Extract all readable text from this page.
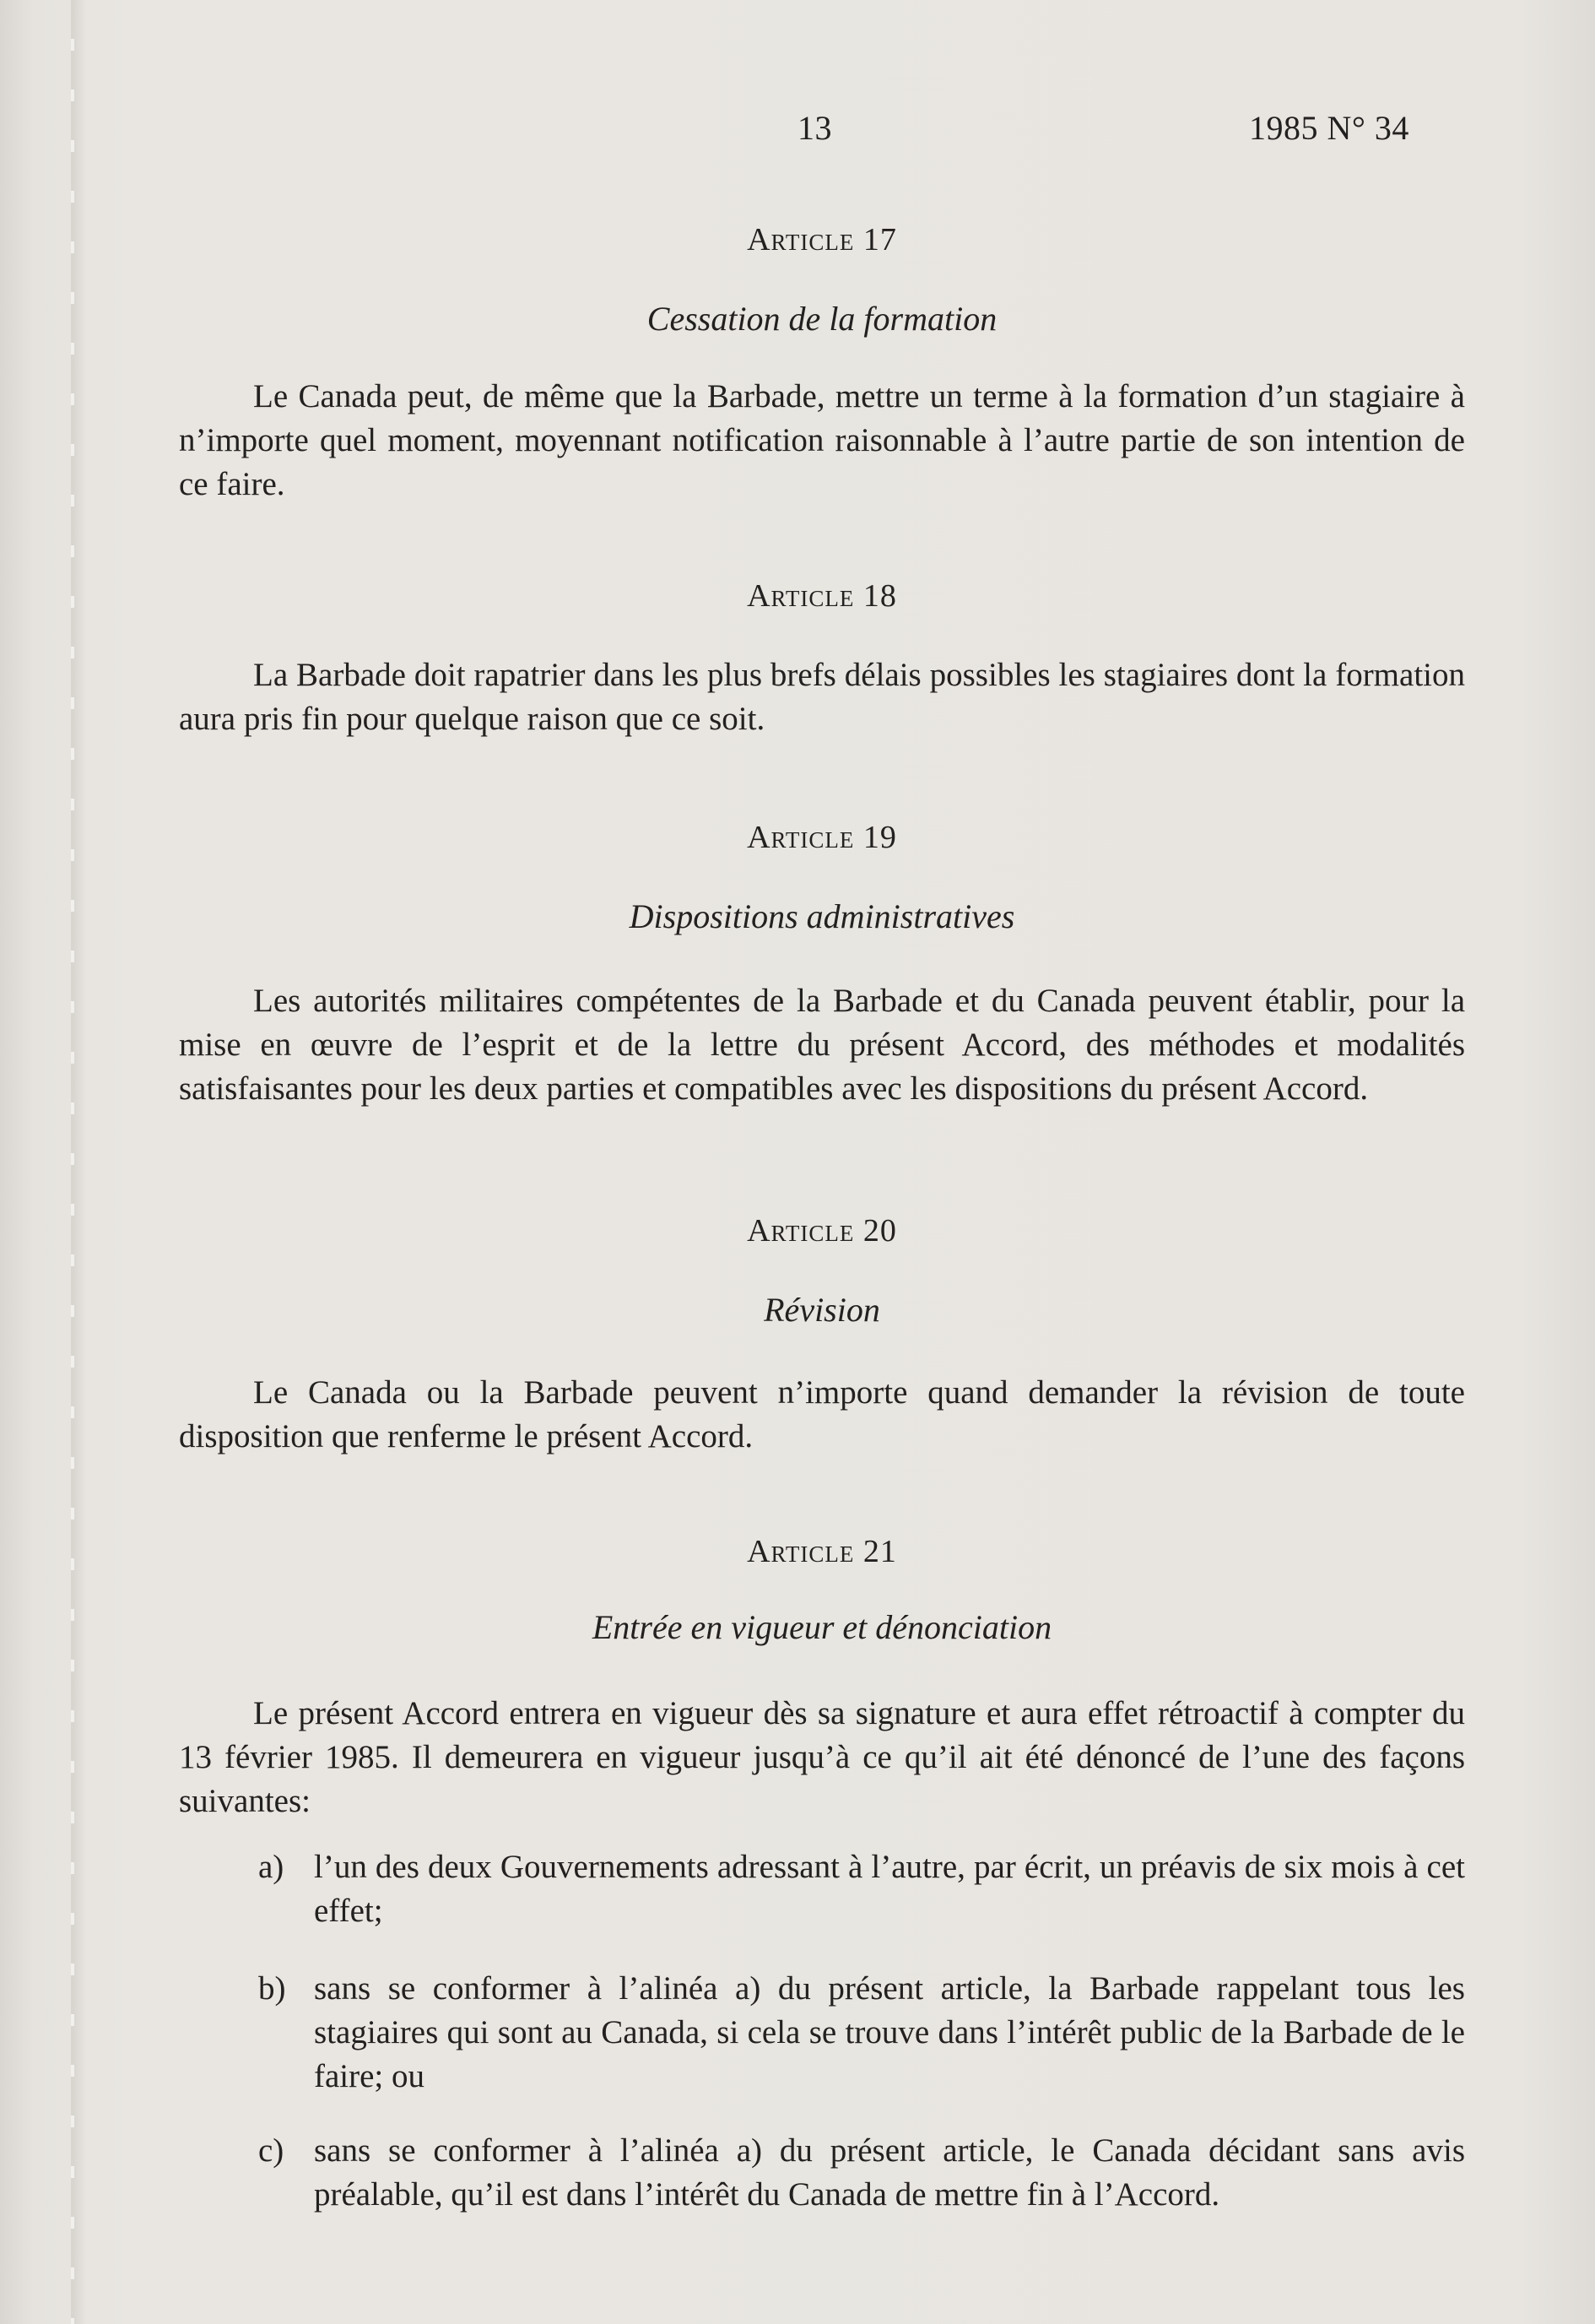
13	1985 N° 34
Article 17
Cessation de la formation

Le Canada peut, de même que la Barbade, mettre un terme à la formation d’un stagiaire à n’importe quel moment, moyennant notification raisonnable à l’autre partie de son intention de ce faire.

Article 18

La Barbade doit rapatrier dans les plus brefs délais possibles les stagiaires dont la formation aura pris fin pour quelque raison que ce soit.

Article 19
Dispositions administratives

Les autorités militaires compétentes de la Barbade et du Canada peuvent établir, pour la mise en œuvre de l’esprit et de la lettre du présent Accord, des méthodes et modalités satisfaisantes pour les deux parties et compatibles avec les dispositions du présent Accord.

Article 20
Révision

Le Canada ou la Barbade peuvent n’importe quand demander la révision de toute disposition que renferme le présent Accord.

Article 21
Entrée en vigueur et dénonciation

Le présent Accord entrera en vigueur dès sa signature et aura effet rétroactif à compter du 13 février 1985. Il demeurera en vigueur jusqu’à ce qu’il ait été dénoncé de l’une des façons suivantes:

a) l’un des deux Gouvernements adressant à l’autre, par écrit, un préavis de six mois à cet effet;

b) sans se conformer à l’alinéa a) du présent article, la Barbade rappelant tous les stagiaires qui sont au Canada, si cela se trouve dans l’intérêt public de la Barbade de le faire; ou

c) sans se conformer à l’alinéa a) du présent article, le Canada décidant sans avis préalable, qu’il est dans l’intérêt du Canada de mettre fin à l’Accord.
